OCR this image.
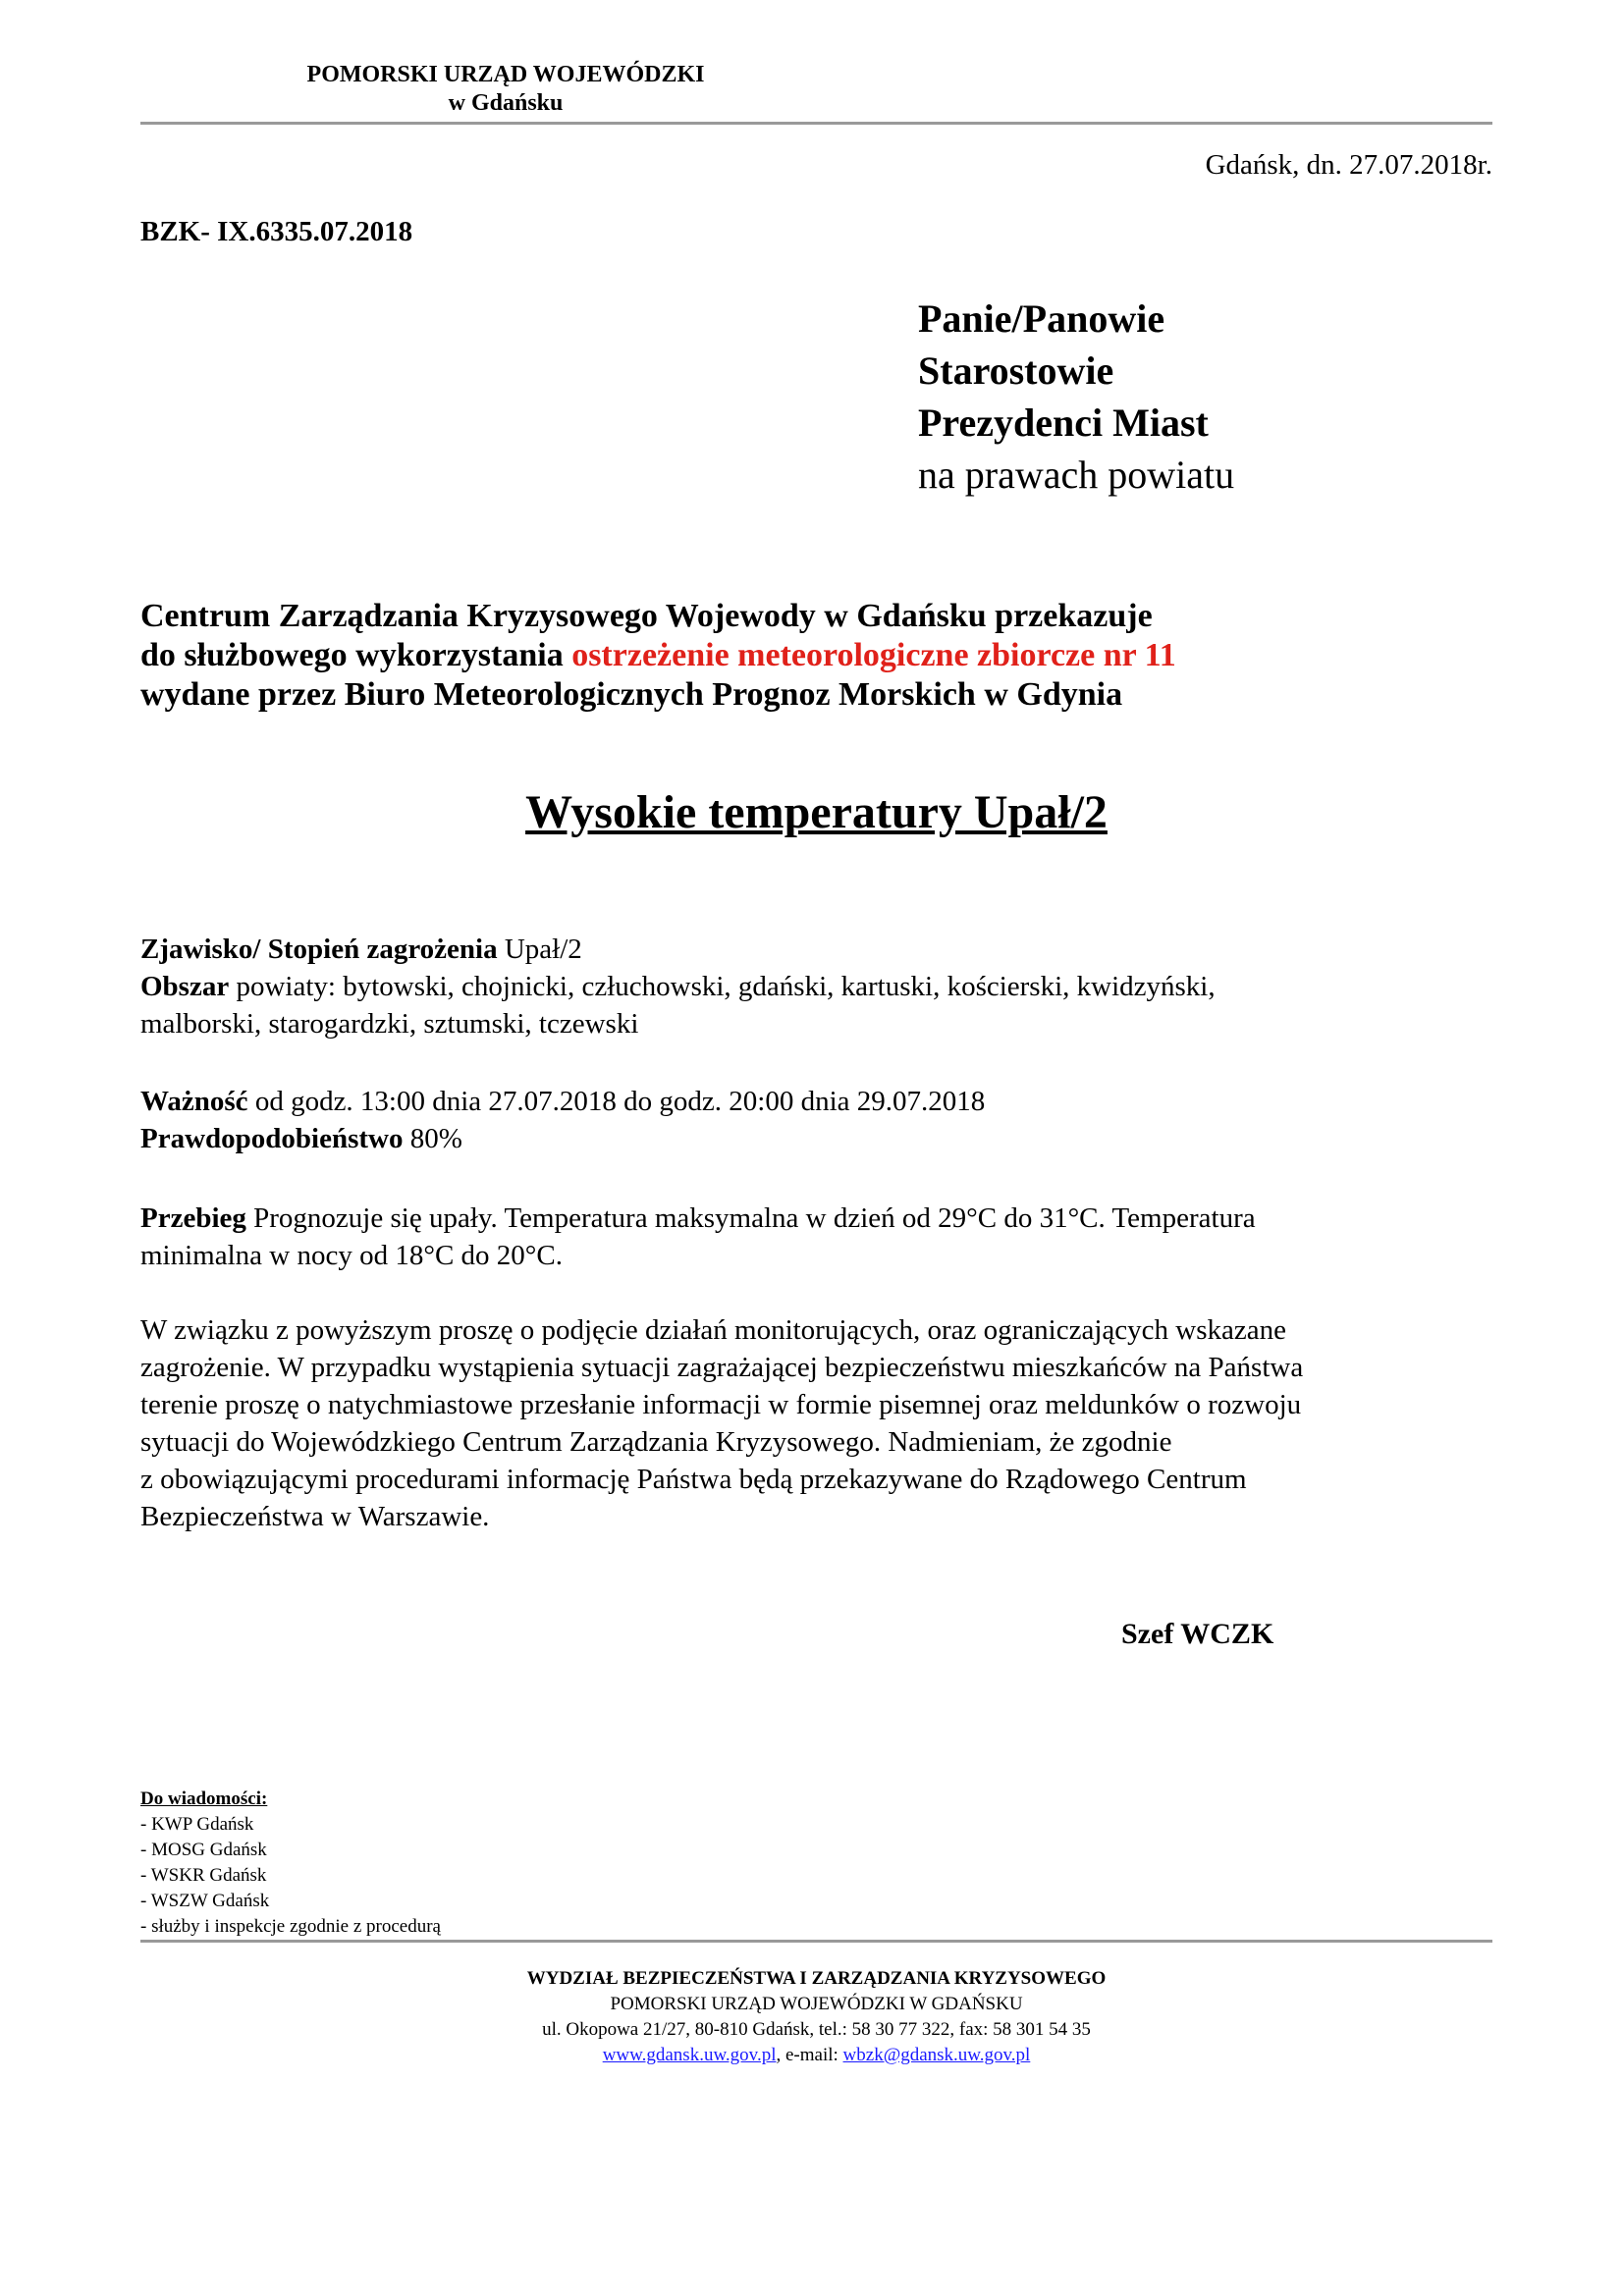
POMORSKI URZĄD WOJEWÓDZKI
w Gdańsku
Gdańsk, dn. 27.07.2018r.
BZK- IX.6335.07.2018
Panie/Panowie
Starostowie
Prezydenci Miast
na prawach powiatu
Centrum Zarządzania Kryzysowego Wojewody w Gdańsku przekazuje
do służbowego wykorzystania ostrzeżenie meteorologiczne zbiorcze nr 11
wydane przez Biuro Meteorologicznych Prognoz Morskich w Gdynia
Wysokie temperatury Upał/2
Zjawisko/ Stopień zagrożenia Upał/2
Obszar powiaty: bytowski, chojnicki, człuchowski, gdański, kartuski, kościerski, kwidzyński,
malborski, starogardzki, sztumski, tczewski
Ważność od godz. 13:00 dnia 27.07.2018 do godz. 20:00 dnia 29.07.2018
Prawdopodobieństwo 80%
Przebieg Prognozuje się upały. Temperatura maksymalna w dzień od 29°C do 31°C. Temperatura
minimalna w nocy od 18°C do 20°C.
W związku z powyższym proszę o podjęcie działań monitorujących, oraz ograniczających wskazane
zagrożenie. W przypadku wystąpienia sytuacji zagrażającej bezpieczeństwu mieszkańców na Państwa
terenie proszę o natychmiastowe przesłanie informacji w formie pisemnej oraz meldunków o rozwoju
sytuacji do Wojewódzkiego Centrum Zarządzania Kryzysowego. Nadmieniam, że zgodnie
z obowiązującymi procedurami informację Państwa będą przekazywane do Rządowego Centrum
Bezpieczeństwa w Warszawie.
Szef WCZK
Do wiadomości:
- KWP Gdańsk
- MOSG Gdańsk
- WSKR Gdańsk
- WSZW Gdańsk
- służby i inspekcje zgodnie z procedurą
WYDZIAŁ BEZPIECZEŃSTWA I ZARZĄDZANIA KRYZYSOWEGO
POMORSKI URZĄD WOJEWÓDZKI W GDAŃSKU
ul. Okopowa 21/27, 80-810 Gdańsk, tel.: 58 30 77 322, fax: 58 301 54 35
www.gdansk.uw.gov.pl, e-mail: wbzk@gdansk.uw.gov.pl
